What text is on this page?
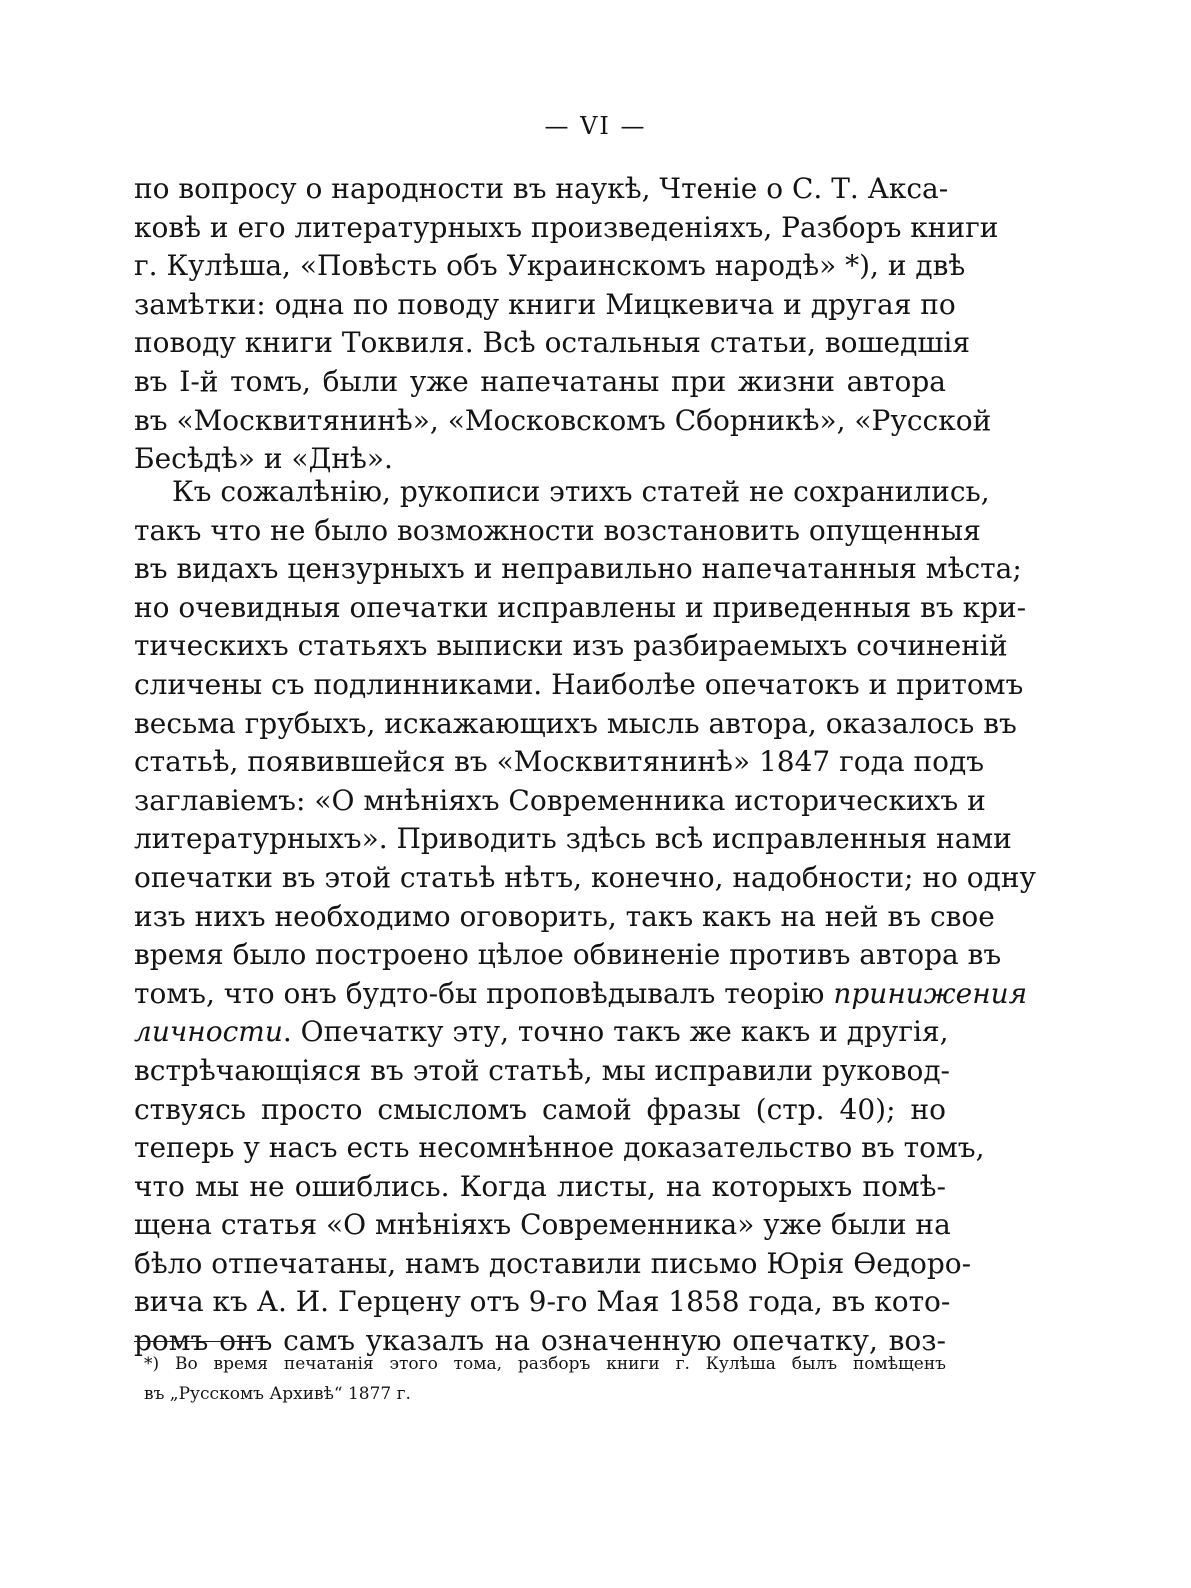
— VI —
по вопросу о народности въ наукѣ, Чтеніе о С. Т. Акса-
ковѣ и его литературныхъ произведеніяхъ, Разборъ книги
г. Кулѣша, «Повѣсть объ Украинскомъ народѣ» *), и двѣ
замѣтки: одна по поводу книги Мицкевича и другая по
поводу книги Токвиля. Всѣ остальныя статьи, вошедшія
въ I-й томъ, были уже напечатаны при жизни автора
въ «Москвитянинѣ», «Московскомъ Сборникѣ», «Русской
Бесѣдѣ» и «Днѣ».
Къ сожалѣнію, рукописи этихъ статей не сохранились,
такъ что не было возможности возстановить опущенныя
въ видахъ цензурныхъ и неправильно напечатанныя мѣста;
но очевидныя опечатки исправлены и приведенныя въ кри-
тическихъ статьяхъ выписки изъ разбираемыхъ сочиненій
сличены съ подлинниками. Наиболѣе опечатокъ и притомъ
весьма грубыхъ, искажающихъ мысль автора, оказалось въ
статьѣ, появившейся въ «Москвитянинѣ» 1847 года подъ
заглавіемъ: «О мнѣніяхъ Современника историческихъ и
литературныхъ». Приводить здѣсь всѣ исправленныя нами
опечатки въ этой статьѣ нѣтъ, конечно, надобности; но одну
изъ нихъ необходимо оговорить, такъ какъ на ней въ свое
время было построено цѣлое обвиненіе противъ автора въ
томъ, что онъ будто-бы проповѣдывалъ теорію принижения
личности. Опечатку эту, точно такъ же какъ и другія,
встрѣчающіяся въ этой статьѣ, мы исправили руковод-
ствуясь просто смысломъ самой фразы (стр. 40); но
теперь у насъ есть несомнѣнное доказательство въ томъ,
что мы не ошиблись. Когда листы, на которыхъ помѣ-
щена статья «О мнѣніяхъ Современника» уже были на
бѣло отпечатаны, намъ доставили письмо Юрія Ѳедоро-
вича къ А. И. Герцену отъ 9-го Мая 1858 года, въ кото-
ромъ онъ самъ указалъ на означенную опечатку, воз-
*) Во время печатанія этого тома, разборъ книги г. Кулѣша былъ помѣщенъ
въ „Русскомъ Архивѣ“ 1877 г.
